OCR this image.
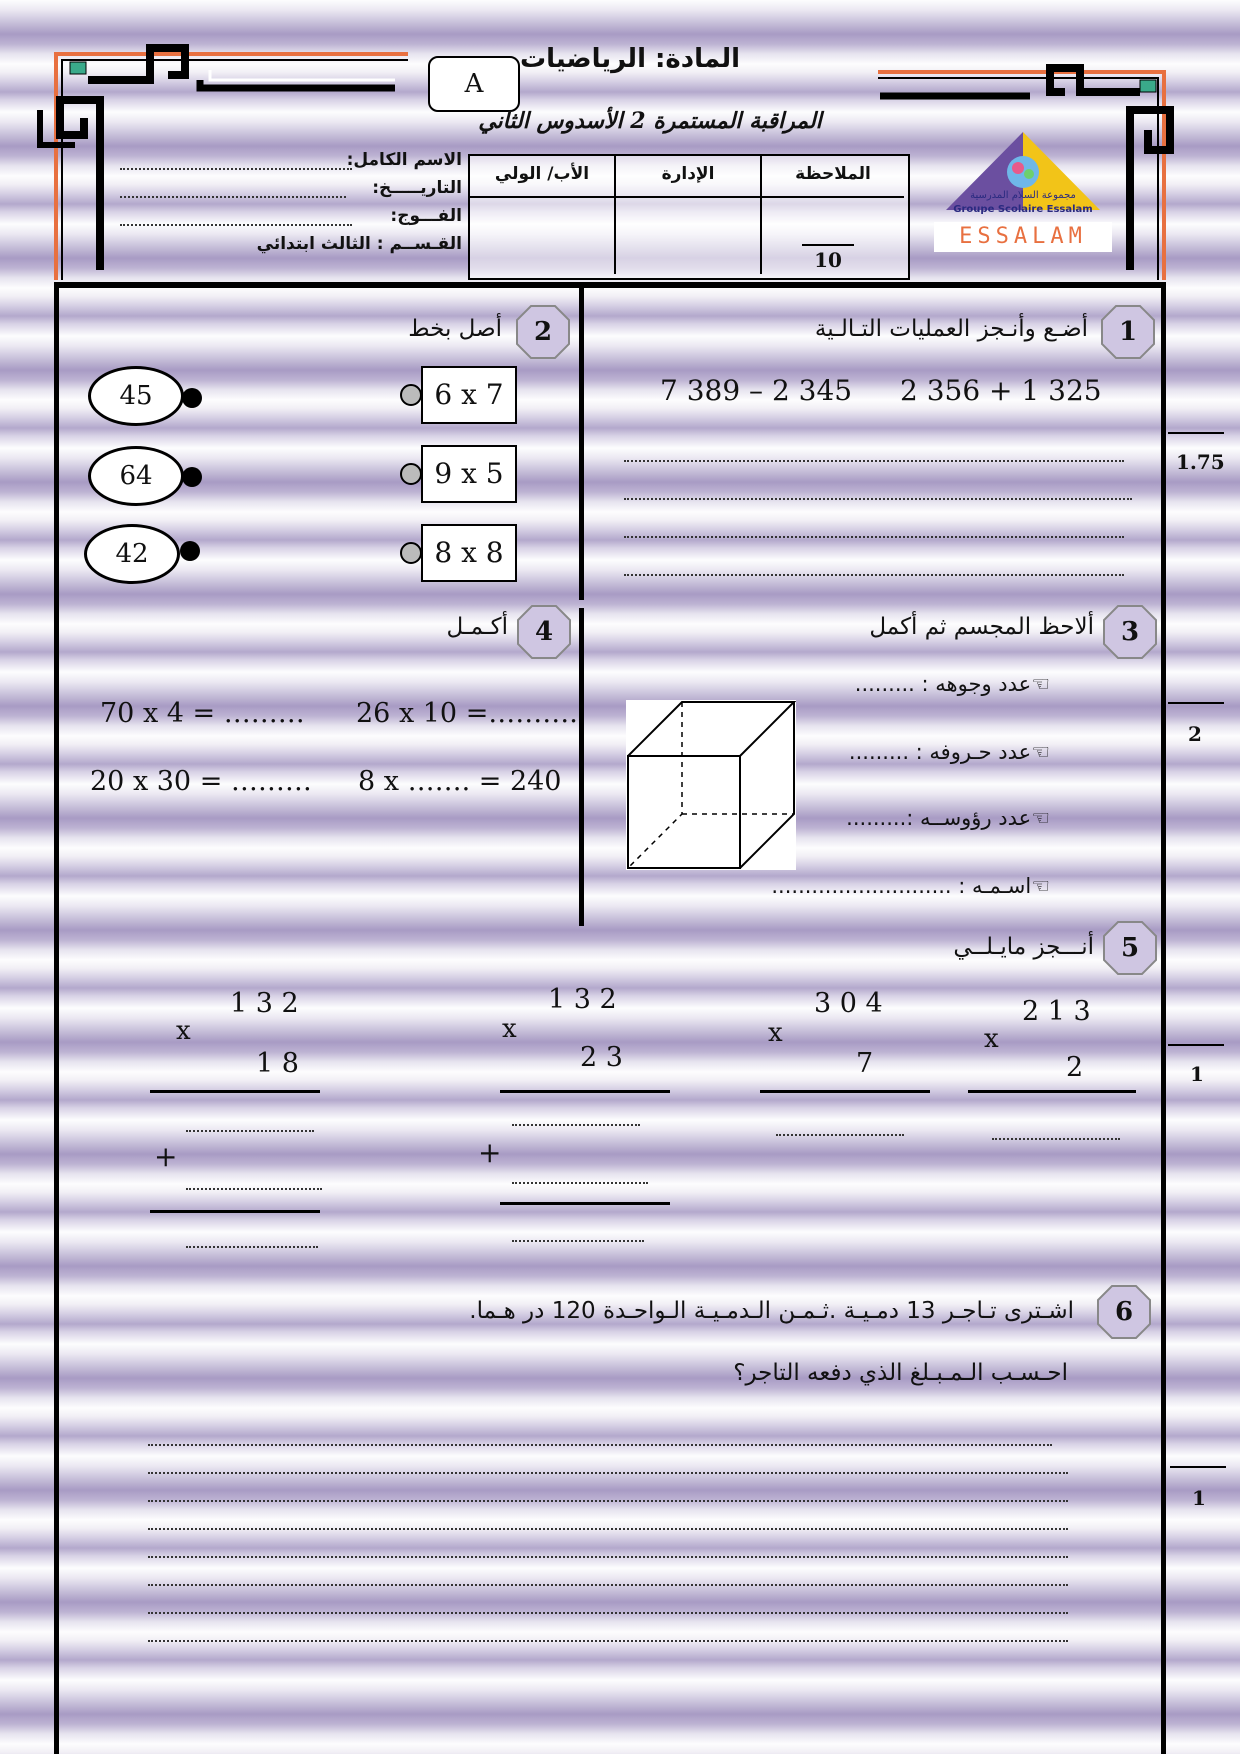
المادة: الرياضيات
A
المراقبة المستمرة 2 الأسدوس الثاني
الاسم الكامل:
التاريـــــخ:
الفـــوج:
القـســم : الثالث ابتدائي
الأب/ الولي	الإدارة	الملاحظة
10
مجموعة السلام المدرسية
Groupe Scolaire Essalam
ESSALAM
1.75
2
1
1
1
أضـع وأنـجز العمليات التـالـية
2 356 + 1 325
7 389 – 2 345
2
أصل بخط
6 x 7
9 x 5
8 x 8
45
64
42
3
ألاحظ المجسم ثم أكمل
☜عدد وجوهه : .........
☜عدد حـروفه : .........
☜عدد رؤوســه :.........
☜اسـمـه : ...........................
4
أكـمـل
26 x 10 =……….
70 x 4 = ………
8 x ……. = 240
20 x 30 = ………
5
أنـــجز مايـلــي
2 1 3
x
2
3 0 4
x
7
1 3 2
x
2 3
+
1 3 2
x
1 8
+
6
اشـترى تـاجـر 13 دمـيـة .ثـمـن الـدمـيـة الـواحـدة 120 در هـما.
احـسـب الـمـبـلغ الذي دفعه التاجر؟
